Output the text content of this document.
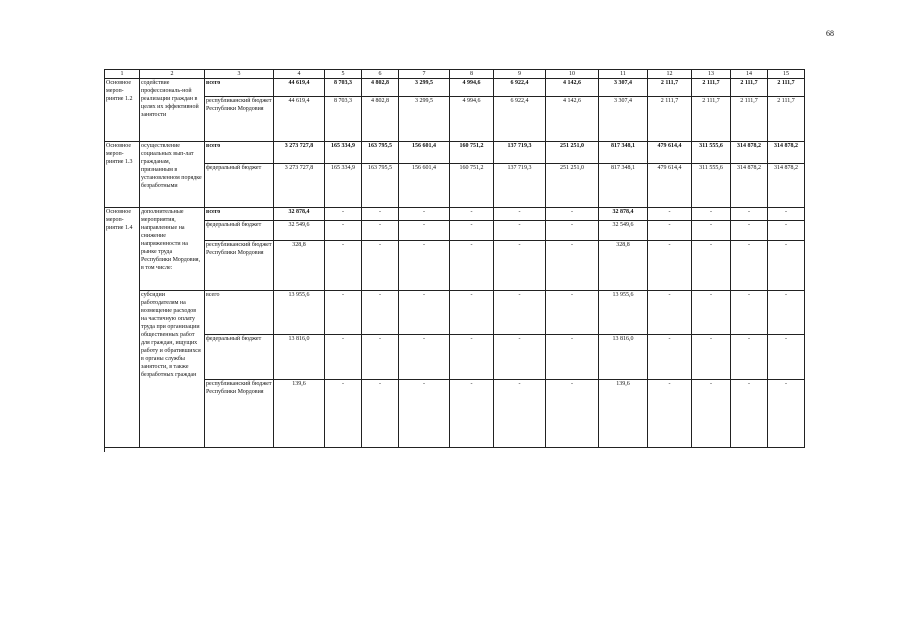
68
1	2	3	4	5	6	7	8	9	10	11	12	13	14	15
Основное мероп-риятие 1.2	содействие профессиональ-ной реализации граждан в целях их эффективной занятости	всего	44 619,4	8 703,3	4 802,8	3 299,5	4 994,6	6 922,4	4 142,6	3 307,4	2 111,7	2 111,7	2 111,7	2 111,7
		республиканский бюджет Республики Мордовия	44 619,4	8 703,3	4 802,8	3 299,5	4 994,6	6 922,4	4 142,6	3 307,4	2 111,7	2 111,7	2 111,7	2 111,7
Основное мероп-риятие 1.3	осуществление социальных вып-лат гражданам, признанным в установленном порядке безработными	всего	3 273 727,8	165 334,9	163 795,5	156 601,4	160 751,2	137 719,3	251 251,0	817 348,1	479 614,4	311 555,6	314 878,2	314 878,2
		федеральный бюджет	3 273 727,8	165 334,9	163 795,5	156 601,4	160 751,2	137 719,3	251 251,0	817 348,1	479 614,4	311 555,6	314 878,2	314 878,2
Основное мероп-риятие 1.4	дополнительные мероприятия, направленные на снижение напряженности на рынке труда Республики Мордовия, в том числе:	всего	32 878,4	-	-	-	-	-	-	32 878,4	-	-	-	-
		федеральный бюджет	32 549,6	-	-	-	-	-	-	32 549,6	-	-	-	-
		республиканский бюджет Республики Мордовия	328,8	-	-	-	-	-	-	328,8	-	-	-	-
	субсидии работодателям на возмещение расходов на частичную оплату труда при организации общественных работ для граждан, ищущих работу и обратившихся в органы службы занятости, в также безработных граждан	всего	13 955,6	-	-	-	-	-	-	13 955,6	-	-	-	-
		федеральный бюджет	13 816,0	-	-	-	-	-	-	13 816,0	-	-	-	-
		республиканский бюджет Республики Мордовия	139,6	-	-	-	-	-	-	139,6	-	-	-	-
